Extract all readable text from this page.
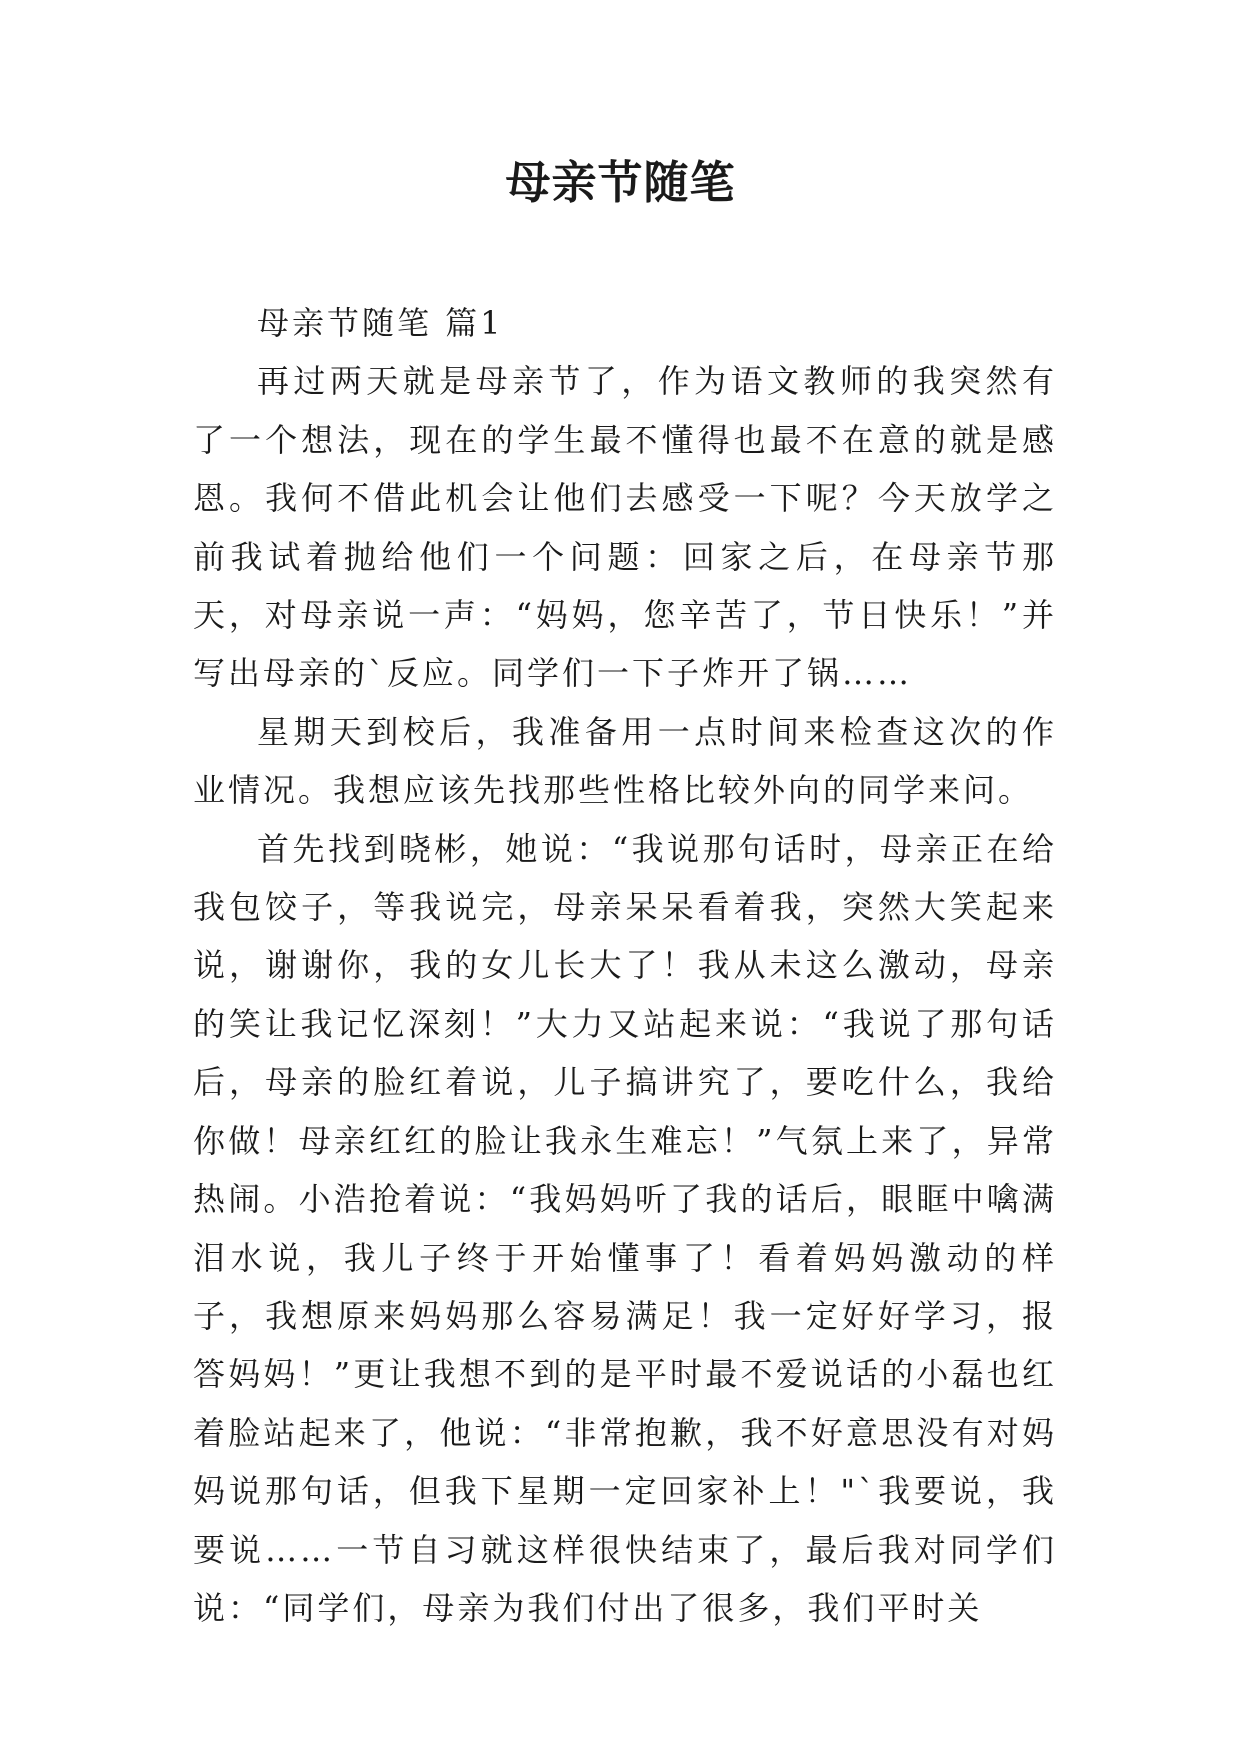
母亲节随笔

母亲节随笔 篇1

再过两天就是母亲节了，作为语文教师的我突然有了一个想法，现在的学生最不懂得也最不在意的就是感恩。我何不借此机会让他们去感受一下呢？今天放学之前我试着抛给他们一个问题：回家之后，在母亲节那天，对母亲说一声：“妈妈，您辛苦了，节日快乐！”并写出母亲的`反应。同学们一下子炸开了锅……

星期天到校后，我准备用一点时间来检查这次的作业情况。我想应该先找那些性格比较外向的同学来问。

首先找到晓彬，她说：“我说那句话时，母亲正在给我包饺子，等我说完，母亲呆呆看着我，突然大笑起来说，谢谢你，我的女儿长大了！我从未这么激动，母亲的笑让我记忆深刻！”大力又站起来说：“我说了那句话后，母亲的脸红着说，儿子搞讲究了，要吃什么，我给你做！母亲红红的脸让我永生难忘！”气氛上来了，异常热闹。小浩抢着说：“我妈妈听了我的话后，眼眶中噙满泪水说，我儿子终于开始懂事了！看着妈妈激动的样子，我想原来妈妈那么容易满足！我一定好好学习，报答妈妈！”更让我想不到的是平时最不爱说话的小磊也红着脸站起来了，他说：“非常抱歉，我不好意思没有对妈妈说那句话，但我下星期一定回家补上！"`我要说，我要说……一节自习就这样很快结束了，最后我对同学们说：“同学们，母亲为我们付出了很多，我们平时关
